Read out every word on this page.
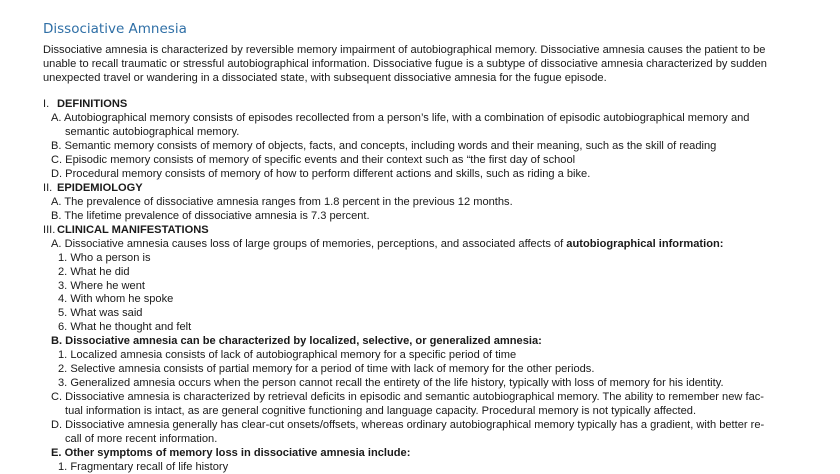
Dissociative Amnesia
Dissociative amnesia is characterized by reversible memory impairment of autobiographical memory. Dissociative amnesia causes the patient to be
unable to recall traumatic or stressful autobiographical information. Dissociative fugue is a subtype of dissociative amnesia characterized by sudden
unexpected travel or wandering in a dissociated state, with subsequent dissociative amnesia for the fugue episode.
I. DEFINITIONS
A. Autobiographical memory consists of episodes recollected from a person’s life, with a combination of episodic autobiographical memory and
semantic autobiographical memory.
B. Semantic memory consists of memory of objects, facts, and concepts, including words and their meaning, such as the skill of reading
C. Episodic memory consists of memory of specific events and their context such as “the first day of school
D. Procedural memory consists of memory of how to perform different actions and skills, such as riding a bike.
II. EPIDEMIOLOGY
A. The prevalence of dissociative amnesia ranges from 1.8 percent in the previous 12 months.
B. The lifetime prevalence of dissociative amnesia is 7.3 percent.
III. CLINICAL MANIFESTATIONS
A. Dissociative amnesia causes loss of large groups of memories, perceptions, and associated affects of autobiographical information:
1. Who a person is
2. What he did
3. Where he went
4. With whom he spoke
5. What was said
6. What he thought and felt
B. Dissociative amnesia can be characterized by localized, selective, or generalized amnesia:
1. Localized amnesia consists of lack of autobiographical memory for a specific period of time
2. Selective amnesia consists of partial memory for a period of time with lack of memory for the other periods.
3. Generalized amnesia occurs when the person cannot recall the entirety of the life history, typically with loss of memory for his identity.
C. Dissociative amnesia is characterized by retrieval deficits in episodic and semantic autobiographical memory. The ability to remember new fac-
tual information is intact, as are general cognitive functioning and language capacity. Procedural memory is not typically affected.
D. Dissociative amnesia generally has clear-cut onsets/offsets, whereas ordinary autobiographical memory typically has a gradient, with better re-
call of more recent information.
E. Other symptoms of memory loss in dissociative amnesia include:
1. Fragmentary recall of life history
